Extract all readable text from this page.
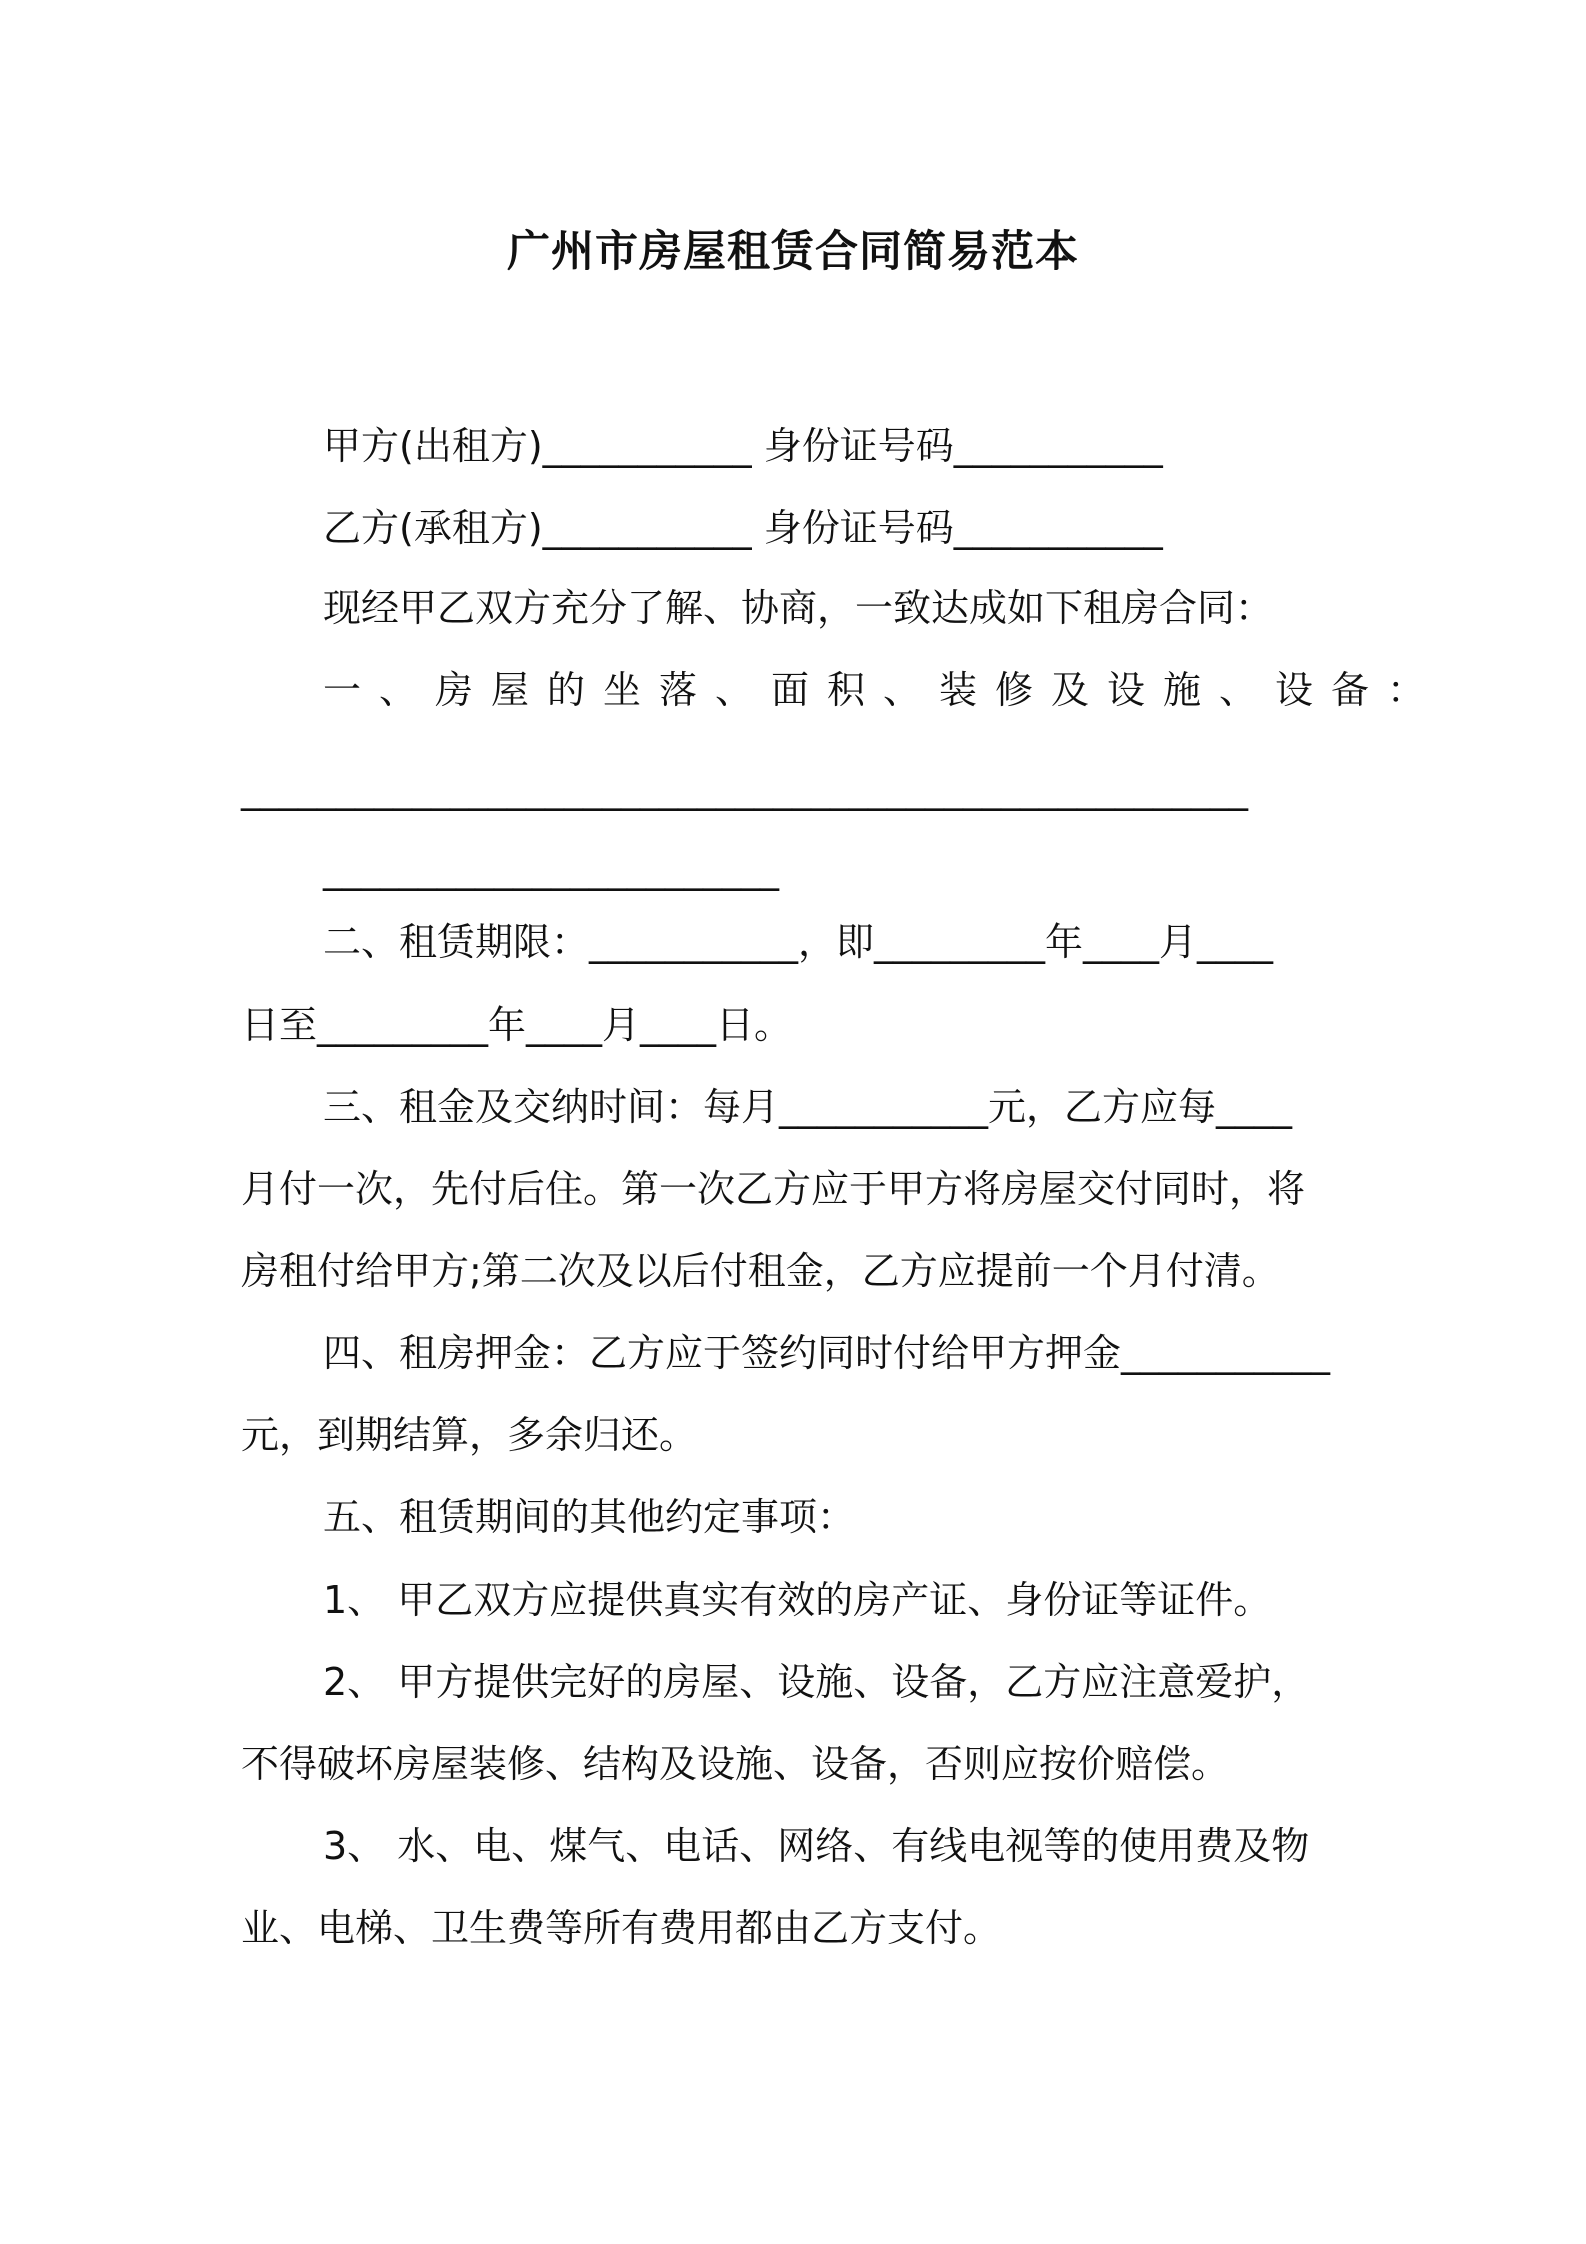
广州市房屋租赁合同简易范本
甲方(出租方)___________ 身份证号码___________
乙方(承租方)___________ 身份证号码___________
现经甲乙双方充分了解、协商，一致达成如下租房合同：
一、房屋的坐落、面积、装修及设施、设备：
_____________________________________________________
________________________
二、租赁期限：___________，即_________年____月____
日至_________年____月____日。
三、租金及交纳时间：每月___________元，乙方应每____
月付一次，先付后住。第一次乙方应于甲方将房屋交付同时，将
房租付给甲方;第二次及以后付租金，乙方应提前一个月付清。
四、租房押金：乙方应于签约同时付给甲方押金___________
元，到期结算，多余归还。
五、租赁期间的其他约定事项：
1、 甲乙双方应提供真实有效的房产证、身份证等证件。
2、 甲方提供完好的房屋、设施、设备，乙方应注意爱护，
不得破坏房屋装修、结构及设施、设备，否则应按价赔偿。
3、 水、电、煤气、电话、网络、有线电视等的使用费及物
业、电梯、卫生费等所有费用都由乙方支付。
